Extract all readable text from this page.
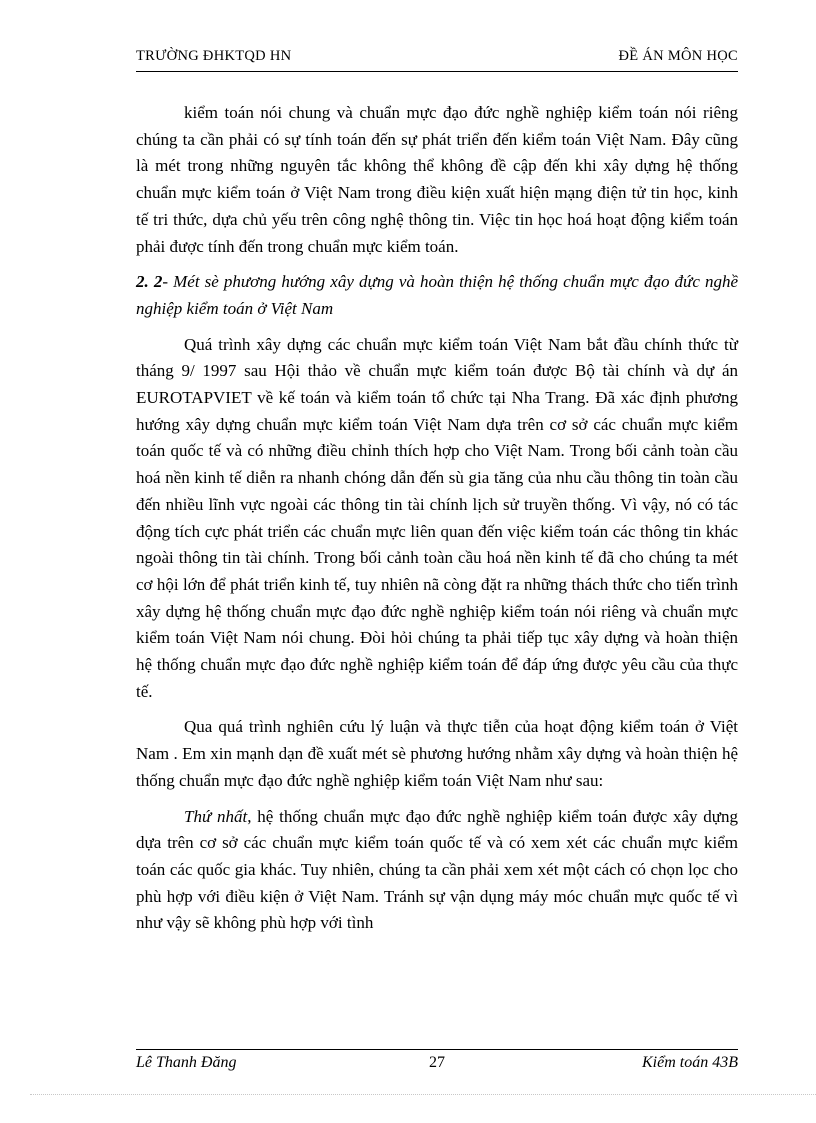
TRƯỜNG ĐHKTQD HN	ĐỀ ÁN MÔN HỌC

kiểm toán nói chung và chuẩn mực đạo đức nghề nghiệp kiểm toán nói riêng chúng ta cần phải có sự tính toán đến sự phát triển đến kiểm toán Việt Nam. Đây cũng là mét trong những nguyên tắc không thể không đề cập đến khi xây dựng hệ thống chuẩn mực kiểm toán ở Việt Nam trong điều kiện xuất hiện mạng điện tử tin học, kinh tế tri thức, dựa chủ yếu trên công nghệ thông tin. Việc tin học hoá hoạt động kiểm toán phải được tính đến trong chuẩn mực kiểm toán.

2. 2- Mét sè phương hướng xây dựng và hoàn thiện hệ thống chuẩn mực đạo đức nghề nghiệp kiểm toán ở Việt Nam

Quá trình xây dựng các chuẩn mực kiểm toán Việt Nam bắt đầu chính thức từ tháng 9/ 1997 sau Hội thảo về chuẩn mực kiểm toán được Bộ tài chính và dự án EUROTAPVIET về kế toán và kiểm toán tổ chức tại Nha Trang. Đã xác định phương hướng xây dựng chuẩn mực kiểm toán Việt Nam dựa trên cơ sở các chuẩn mực kiểm toán quốc tế và có những điều chỉnh thích hợp cho Việt Nam. Trong bối cảnh toàn cầu hoá nền kinh tế diễn ra nhanh chóng dẫn đến sù gia tăng của nhu cầu thông tin toàn cầu đến nhiều lĩnh vực ngoài các thông tin tài chính lịch sử truyền thống. Vì vậy, nó có tác động tích cực phát triển các chuẩn mực liên quan đến việc kiểm toán các thông tin khác ngoài thông tin tài chính. Trong bối cảnh toàn cầu hoá nền kinh tế đã cho chúng ta mét cơ hội lớn để phát triển kinh tế, tuy nhiên nã còng đặt ra những thách thức cho tiến trình xây dựng hệ thống chuẩn mực đạo đức nghề nghiệp kiểm toán nói riêng và chuẩn mực kiểm toán Việt Nam nói chung. Đòi hỏi chúng ta phải tiếp tục xây dựng và hoàn thiện hệ thống chuẩn mực đạo đức nghề nghiệp kiểm toán để đáp ứng được yêu cầu của thực tế.

Qua quá trình nghiên cứu lý luận và thực tiễn của hoạt động kiểm toán ở Việt Nam . Em xin mạnh dạn đề xuất mét sè phương hướng nhằm xây dựng và hoàn thiện hệ thống chuẩn mực đạo đức nghề nghiệp kiểm toán Việt Nam như sau:

Thứ nhất, hệ thống chuẩn mực đạo đức nghề nghiệp kiểm toán được xây dựng dựa trên cơ sở các chuẩn mực kiểm toán quốc tế và có xem xét các chuẩn mực kiểm toán các quốc gia khác. Tuy nhiên, chúng ta cần phải xem xét một cách có chọn lọc cho phù hợp với điều kiện ở Việt Nam. Tránh sự vận dụng máy móc chuẩn mực quốc tế vì như vậy sẽ không phù hợp với tình

Lê Thanh Đăng	27	Kiểm toán 43B
